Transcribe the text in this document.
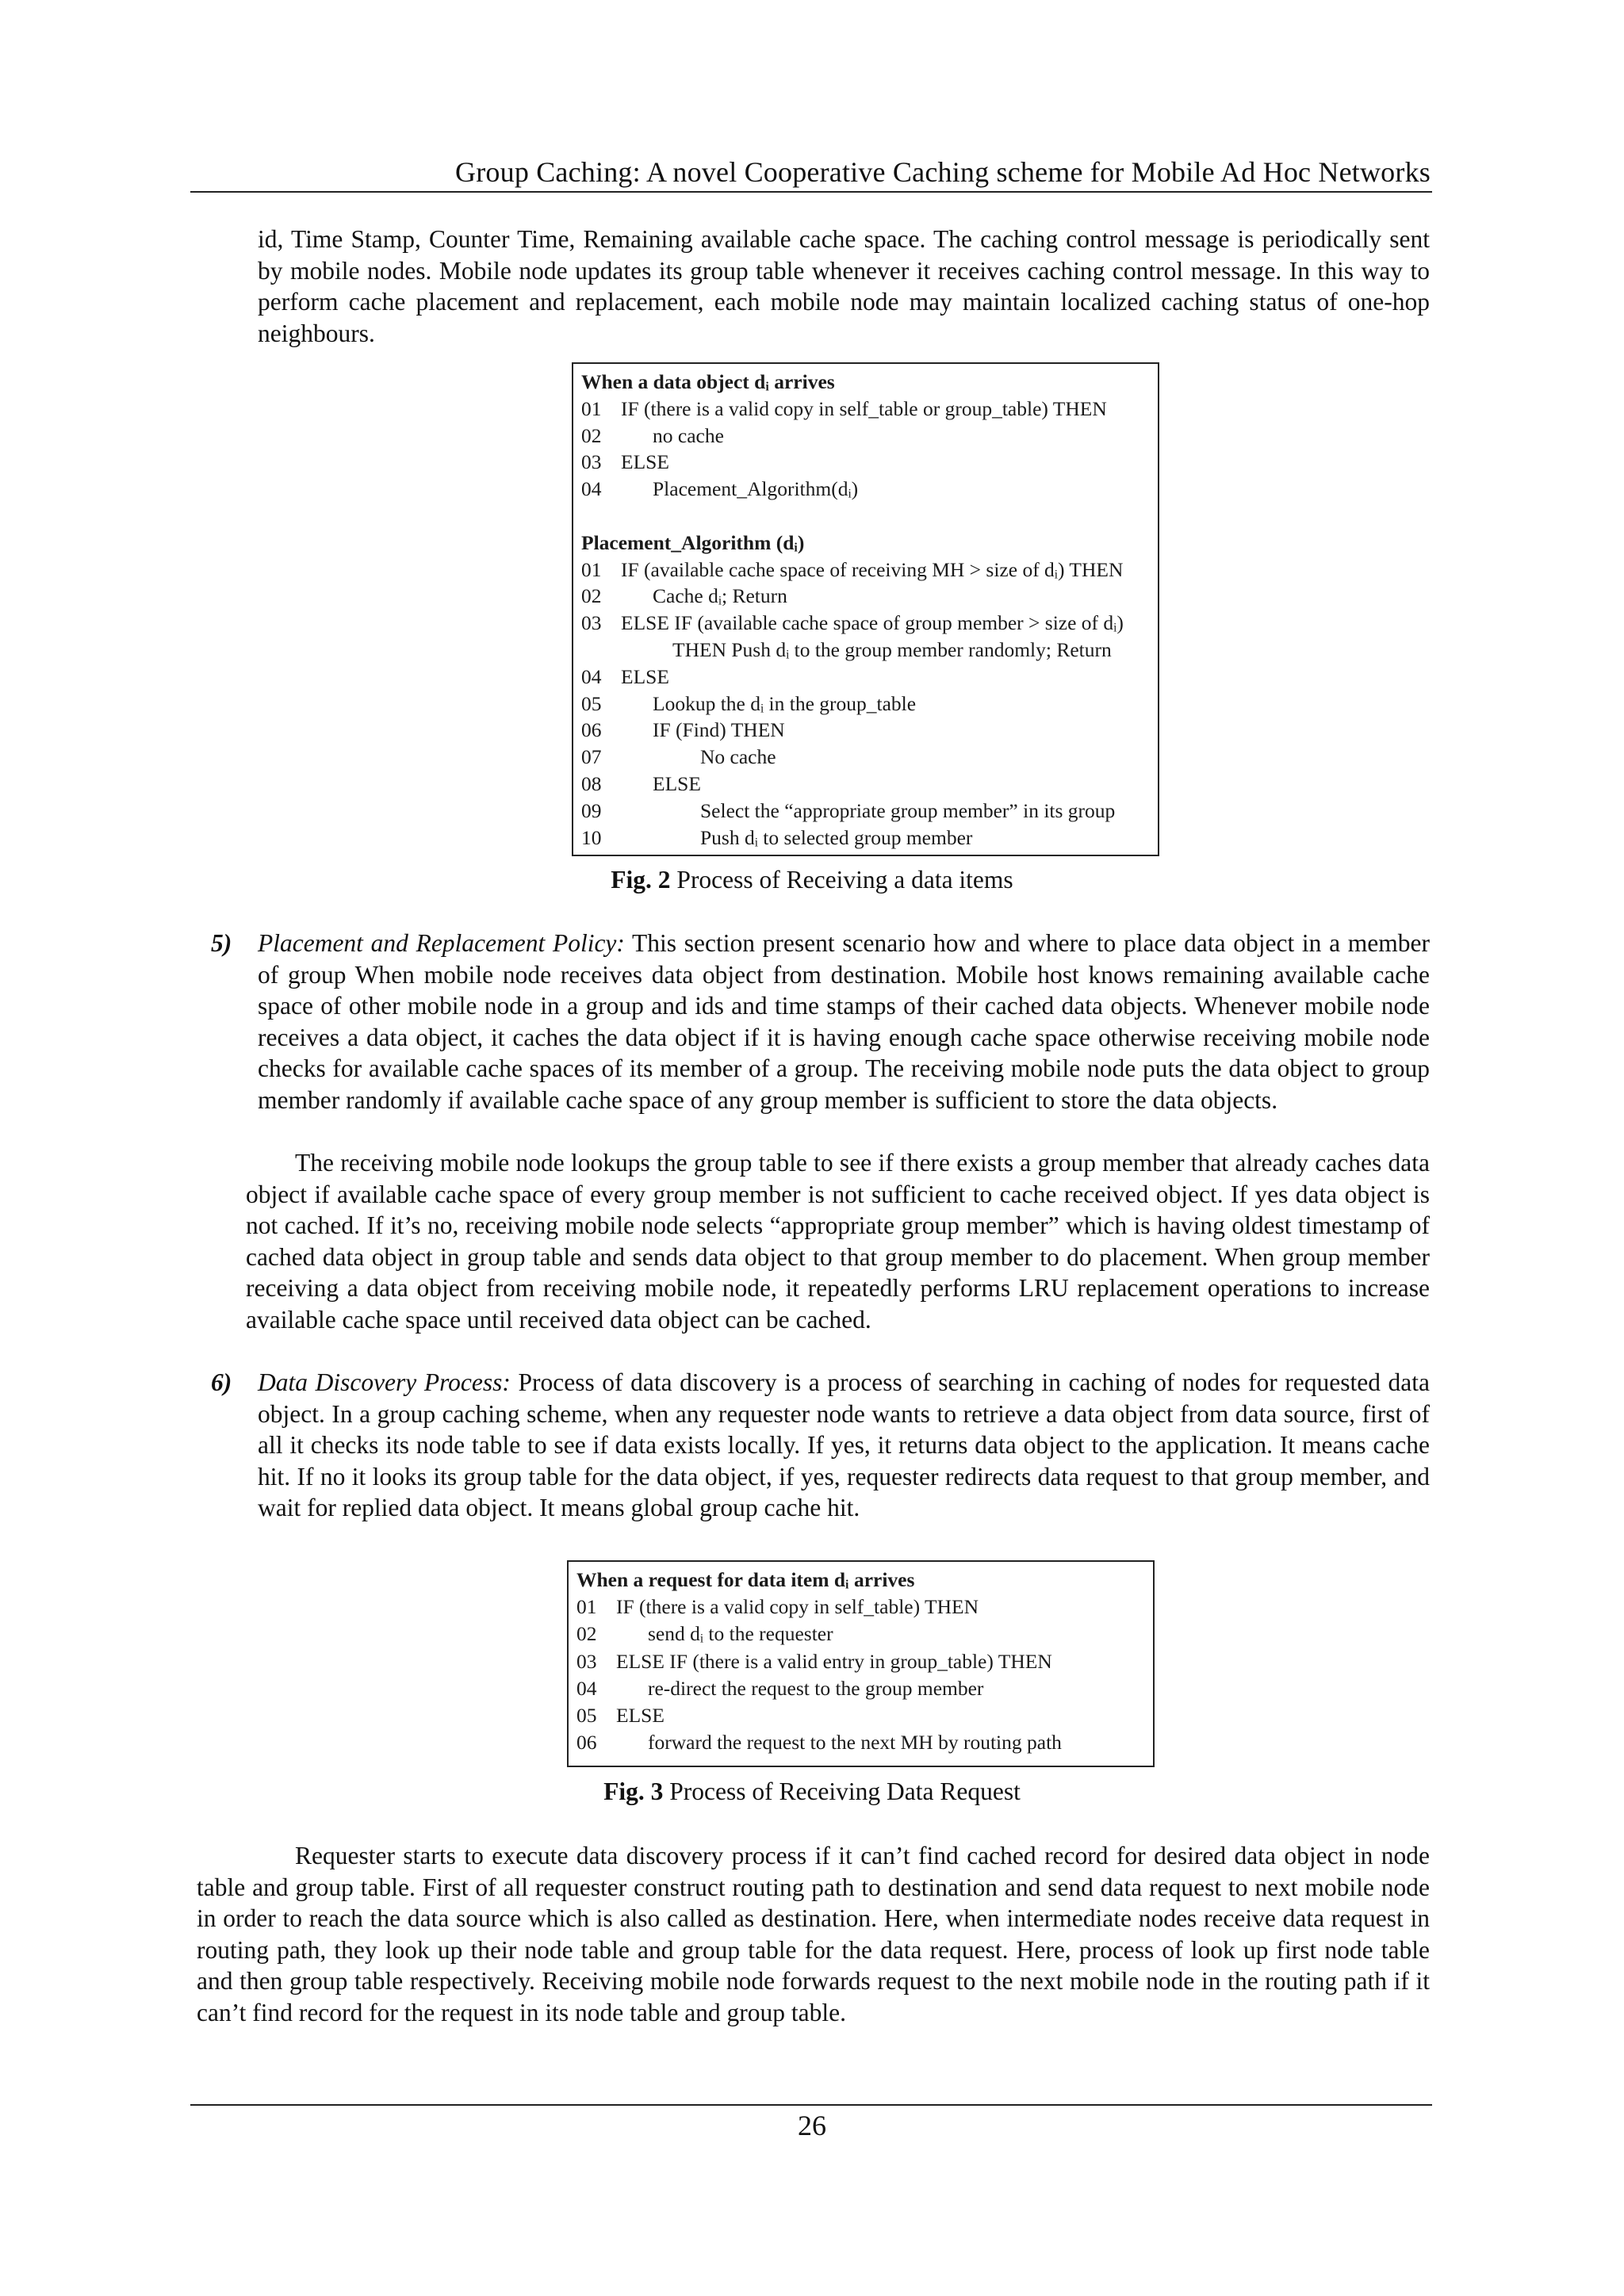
Group Caching: A novel Cooperative Caching scheme for Mobile Ad Hoc Networks

id, Time Stamp, Counter Time, Remaining available cache space. The caching control message is periodically sent by mobile nodes. Mobile node updates its group table whenever it receives caching control message. In this way to perform cache placement and replacement, each mobile node may maintain localized caching status of one-hop neighbours.

When a data object dᵢ arrives
01 IF (there is a valid copy in self_table or group_table) THEN
02	no cache
03 ELSE
04	Placement_Algorithm(dᵢ)
Placement_Algorithm (dᵢ)
01 IF (available cache space of receiving MH > size of dᵢ) THEN
02	Cache dᵢ; Return
03 ELSE IF (available cache space of group member > size of dᵢ)
THEN Push dᵢ to the group member randomly; Return
04 ELSE
05	Lookup the dᵢ in the group_table
06	IF (Find) THEN
07	No cache
08	ELSE
09	Select the “appropriate group member” in its group
10	Push dᵢ to selected group member
Fig. 2 Process of Receiving a data items
5) Placement and Replacement Policy: This section present scenario how and where to place data object in a member of group When mobile node receives data object from destination. Mobile host knows remaining available cache space of other mobile node in a group and ids and time stamps of their cached data objects. Whenever mobile node receives a data object, it caches the data object if it is having enough cache space otherwise receiving mobile node checks for available cache spaces of its member of a group. The receiving mobile node puts the data object to group member randomly if available cache space of any group member is sufficient to store the data objects.

The receiving mobile node lookups the group table to see if there exists a group member that already caches data object if available cache space of every group member is not sufficient to cache received object. If yes data object is not cached. If it’s no, receiving mobile node selects “appropriate group member” which is having oldest timestamp of cached data object in group table and sends data object to that group member to do placement. When group member receiving a data object from receiving mobile node, it repeatedly performs LRU replacement operations to increase available cache space until received data object can be cached.

6) Data Discovery Process: Process of data discovery is a process of searching in caching of nodes for requested data object. In a group caching scheme, when any requester node wants to retrieve a data object from data source, first of all it checks its node table to see if data exists locally. If yes, it returns data object to the application. It means cache hit. If no it looks its group table for the data object, if yes, requester redirects data request to that group member, and wait for replied data object. It means global group cache hit.

When a request for data item dᵢ arrives
01 IF (there is a valid copy in self_table) THEN
02	send dᵢ to the requester
03 ELSE IF (there is a valid entry in group_table) THEN
04	re-direct the request to the group member
05 ELSE
06	forward the request to the next MH by routing path
Fig. 3 Process of Receiving Data Request

Requester starts to execute data discovery process if it can’t find cached record for desired data object in node table and group table. First of all requester construct routing path to destination and send data request to next mobile node in order to reach the data source which is also called as destination. Here, when intermediate nodes receive data request in routing path, they look up their node table and group table for the data request. Here, process of look up first node table and then group table respectively. Receiving mobile node forwards request to the next mobile node in the routing path if it can’t find record for the request in its node table and group table.

26
